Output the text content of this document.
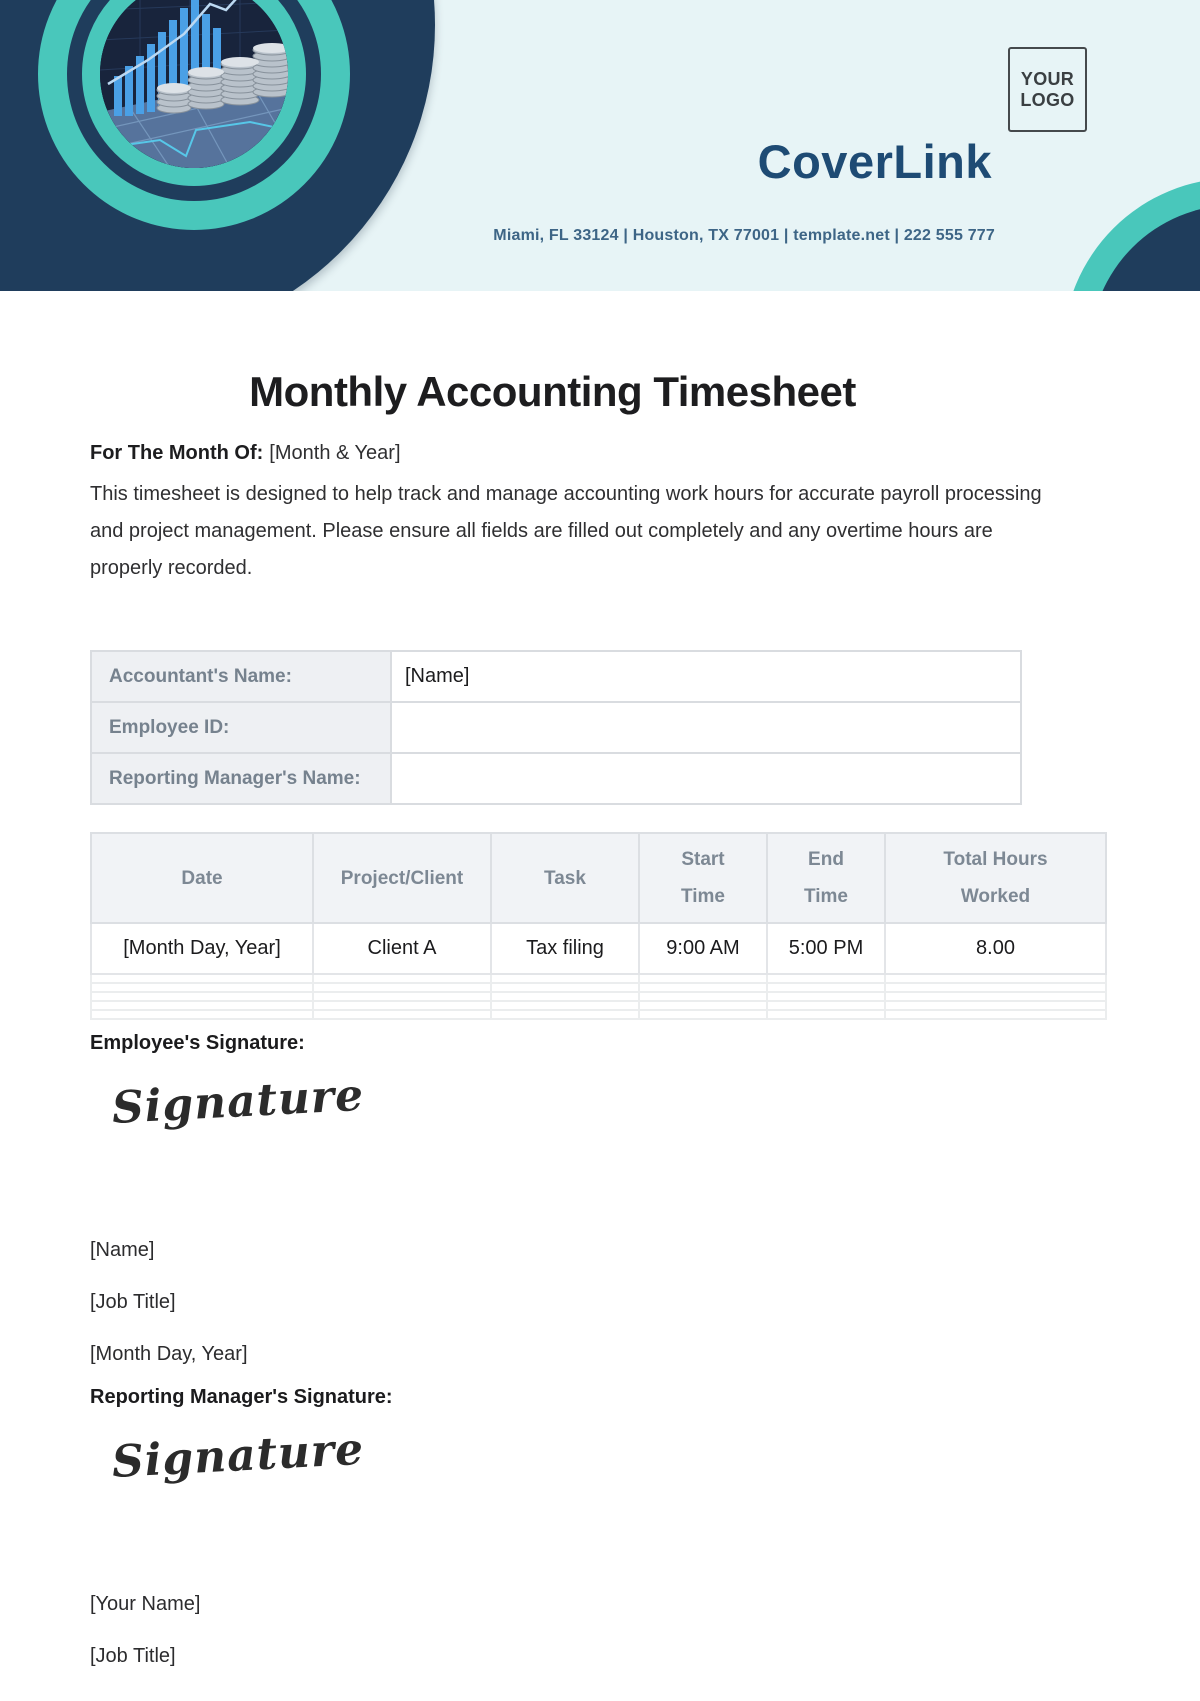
YOUR
LOGO
CoverLink
Miami, FL 33124 | Houston, TX 77001 | template.net | 222 555 777
Monthly Accounting Timesheet
For The Month Of: [Month & Year]

This timesheet is designed to help track and manage accounting work hours for accurate payroll processing and project management. Please ensure all fields are filled out completely and any overtime hours are properly recorded.

Accountant's Name:	[Name]
Employee ID:	
Reporting Manager's Name:	
Date	Project/Client	Task	Start Time	End Time	Total Hours Worked

[Month Day, Year]	Client A	Tax filing	9:00 AM	5:00 PM	8.00

Employee's Signature:
Signature
[Name]
[Job Title]
[Month Day, Year]
Reporting Manager's Signature:
Signature
[Your Name]
[Job Title]
